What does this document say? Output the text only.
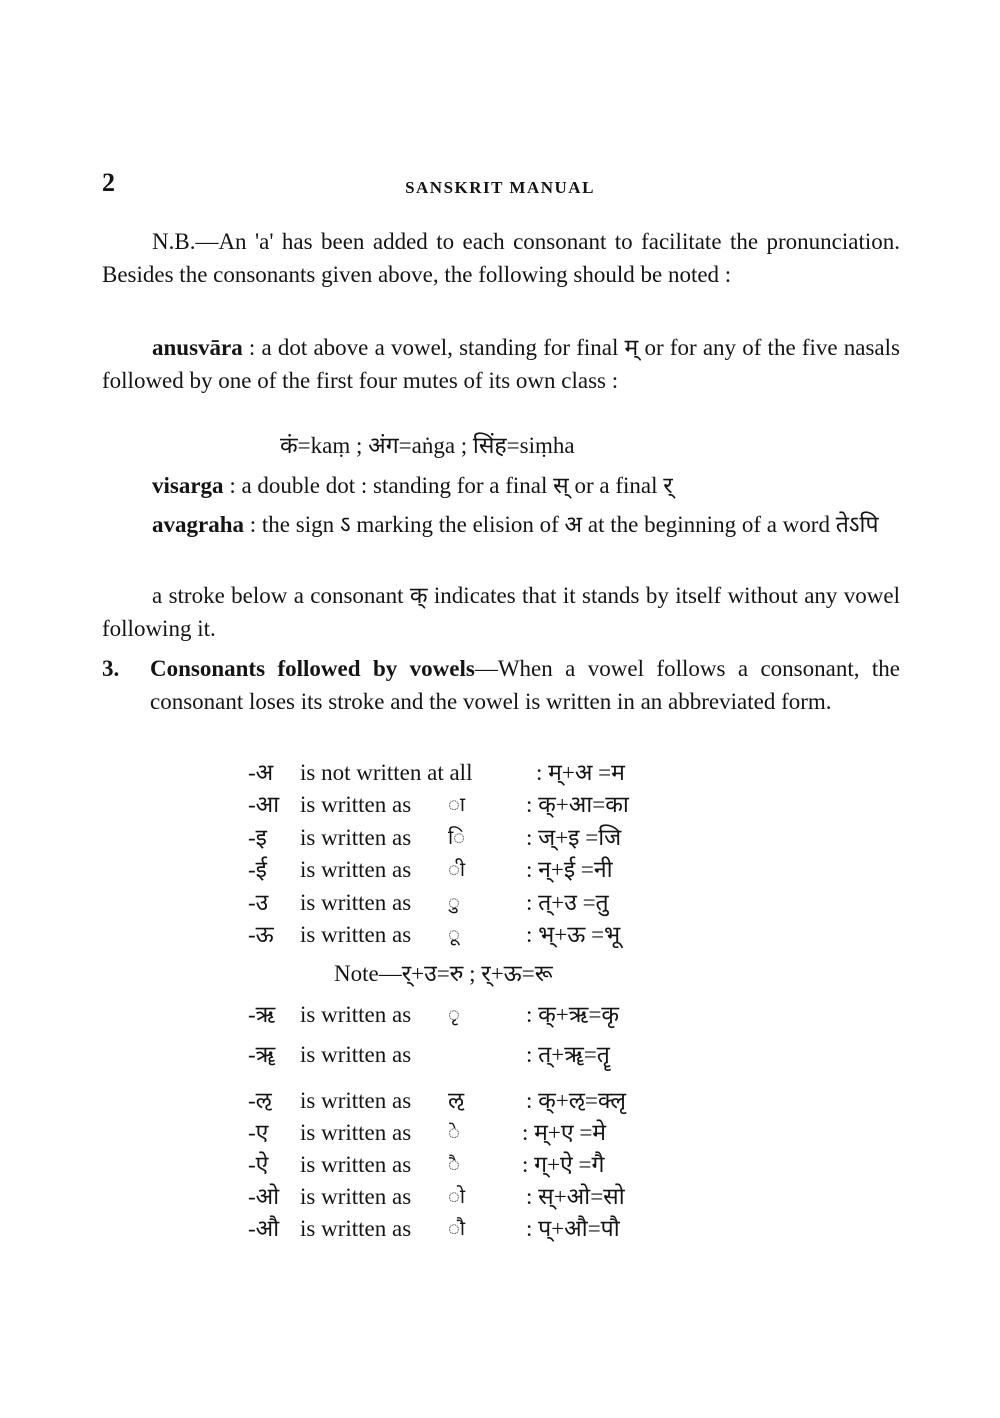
2	SANSKRIT MANUAL

N.B.—An 'a' has been added to each consonant to facilitate the pronunciation. Besides the consonants given above, the following should be noted :

anusvāra : a dot above a vowel, standing for final म् or for any of the five nasals followed by one of the first four mutes of its own class :

कं=kaṃ ; अंग=aṅga ; सिंह=siṃha

visarga : a double dot : standing for a final स् or a final र्

avagraha : the sign ऽ marking the elision of अ at the beginning of a word तेऽपि

a stroke below a consonant क् indicates that it stands by itself without any vowel following it.

3. Consonants followed by vowels—When a vowel follows a consonant, the consonant loses its stroke and the vowel is written in an abbreviated form.
-अ is not written at all	: म्+अ =म
-आ is written as ा	: क्+आ=का
-इ is written as ि	: ज्+इ =जि
-ई is written as ी	: न्+ई =नी
-उ is written as ु	: त्+उ =तु
-ऊ is written as ू	: भ्+ऊ =भू
Note—र्+उ=रु ; र्+ऊ=रू
-ऋ is written as ृ	: क्+ऋ=कृ
-ॠ is written as	: त्+ॠ=तॄ
-ऌ is written as ऌ	: क्+ऌ=क्लृ
-ए is written as े	: म्+ए =मे
-ऐ is written as ै	: ग्+ऐ =गै
-ओ is written as ो	: स्+ओ=सो
-औ is written as ौ	: प्+औ=पौ
